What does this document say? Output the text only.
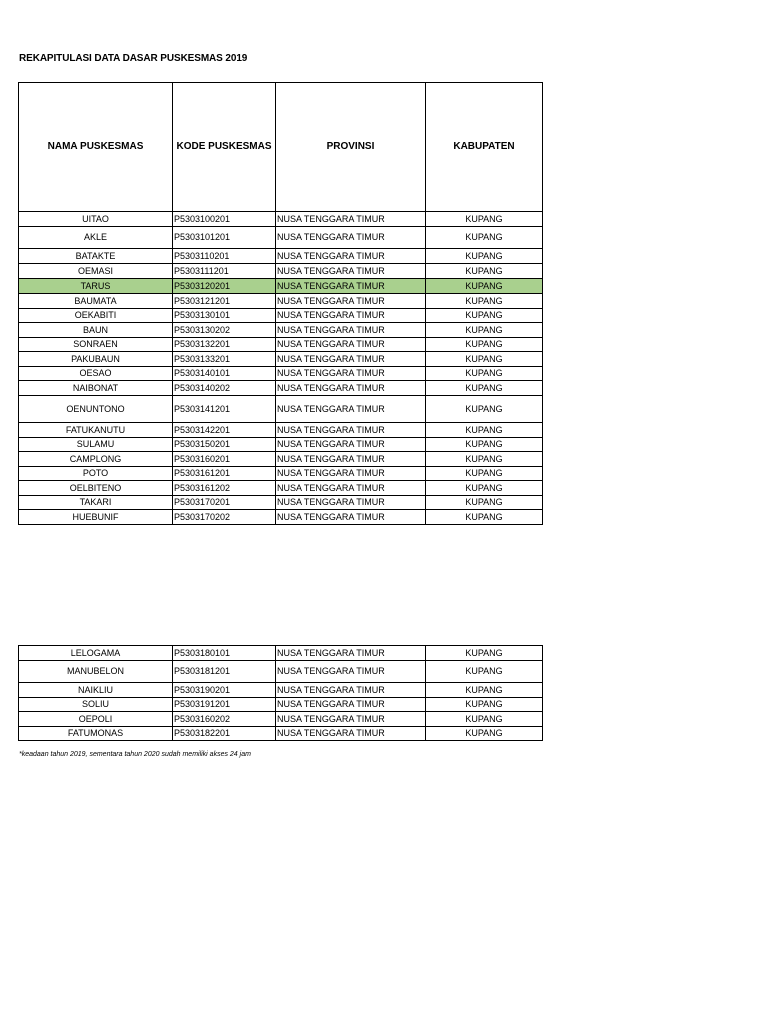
REKAPITULASI DATA DASAR PUSKESMAS 2019
NAMA PUSKESMAS	KODE PUSKESMAS	PROVINSI	KABUPATEN
UITAO	P5303100201	NUSA TENGGARA TIMUR	KUPANG
AKLE	P5303101201	NUSA TENGGARA TIMUR	KUPANG
BATAKTE	P5303110201	NUSA TENGGARA TIMUR	KUPANG
OEMASI	P5303111201	NUSA TENGGARA TIMUR	KUPANG
TARUS	P5303120201	NUSA TENGGARA TIMUR	KUPANG
BAUMATA	P5303121201	NUSA TENGGARA TIMUR	KUPANG
OEKABITI	P5303130101	NUSA TENGGARA TIMUR	KUPANG
BAUN	P5303130202	NUSA TENGGARA TIMUR	KUPANG
SONRAEN	P5303132201	NUSA TENGGARA TIMUR	KUPANG
PAKUBAUN	P5303133201	NUSA TENGGARA TIMUR	KUPANG
OESAO	P5303140101	NUSA TENGGARA TIMUR	KUPANG
NAIBONAT	P5303140202	NUSA TENGGARA TIMUR	KUPANG
OENUNTONO	P5303141201	NUSA TENGGARA TIMUR	KUPANG
FATUKANUTU	P5303142201	NUSA TENGGARA TIMUR	KUPANG
SULAMU	P5303150201	NUSA TENGGARA TIMUR	KUPANG
CAMPLONG	P5303160201	NUSA TENGGARA TIMUR	KUPANG
POTO	P5303161201	NUSA TENGGARA TIMUR	KUPANG
OELBITENO	P5303161202	NUSA TENGGARA TIMUR	KUPANG
TAKARI	P5303170201	NUSA TENGGARA TIMUR	KUPANG
HUEBUNIF	P5303170202	NUSA TENGGARA TIMUR	KUPANG
LELOGAMA	P5303180101	NUSA TENGGARA TIMUR	KUPANG
MANUBELON	P5303181201	NUSA TENGGARA TIMUR	KUPANG
NAIKLIU	P5303190201	NUSA TENGGARA TIMUR	KUPANG
SOLIU	P5303191201	NUSA TENGGARA TIMUR	KUPANG
OEPOLI	P5303160202	NUSA TENGGARA TIMUR	KUPANG
FATUMONAS	P5303182201	NUSA TENGGARA TIMUR	KUPANG
*keadaan tahun 2019, sementara tahun 2020 sudah memiliki akses 24 jam
